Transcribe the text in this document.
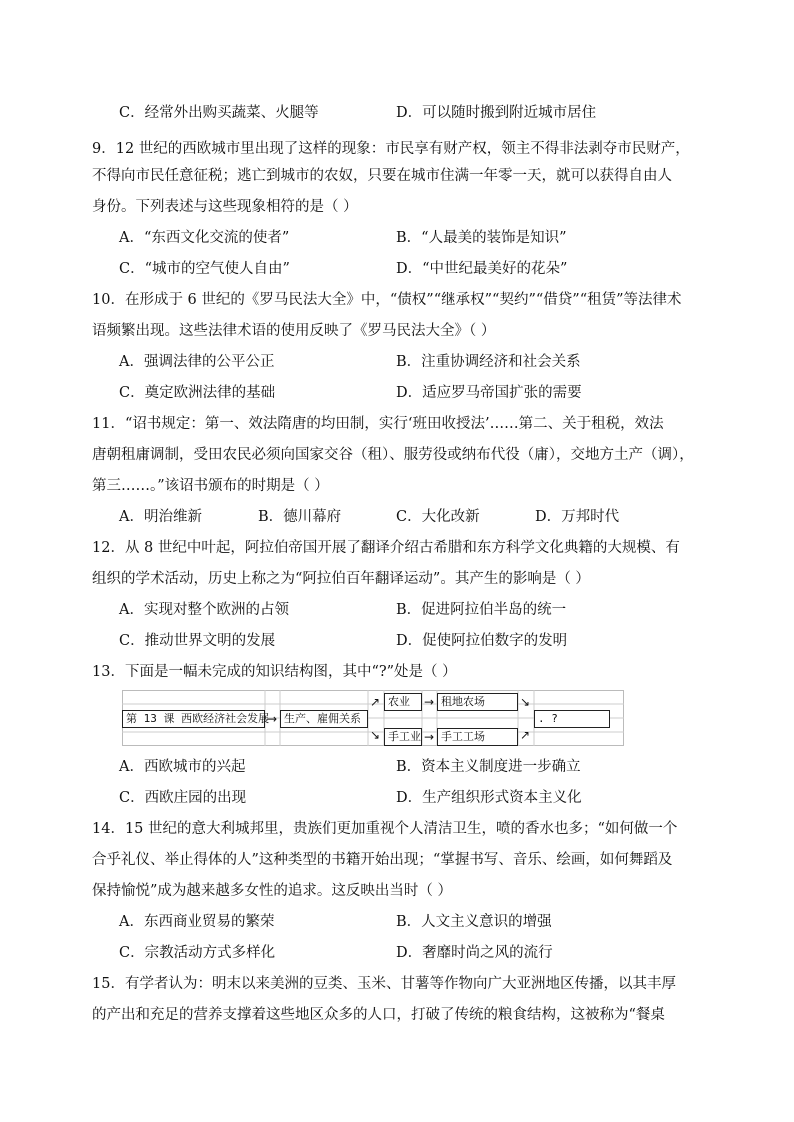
C．经常外出购买蔬菜、火腿等	D．可以随时搬到附近城市居住
9．12 世纪的西欧城市里出现了这样的现象：市民享有财产权，领主不得非法剥夺市民财产，
不得向市民任意征税；逃亡到城市的农奴，只要在城市住满一年零一天，就可以获得自由人
身份。下列表述与这些现象相符的是（ ）
A．“东西文化交流的使者”	B．“人最美的装饰是知识”
C．“城市的空气使人自由”	D．“中世纪最美好的花朵”
10．在形成于 6 世纪的《罗马民法大全》中，“债权”“继承权”“契约”“借贷”“租赁”等法律术
语频繁出现。这些法律术语的使用反映了《罗马民法大全》（ ）
A．强调法律的公平公正	B．注重协调经济和社会关系
C．奠定欧洲法律的基础	D．适应罗马帝国扩张的需要
11．“诏书规定：第一、效法隋唐的均田制，实行‘班田收授法’……第二、关于租税，效法
唐朝租庸调制，受田农民必须向国家交谷（租）、服劳役或纳布代役（庸），交地方土产（调），
第三……。”该诏书颁布的时期是（ ）
A．明治维新	B．德川幕府	C．大化改新	D．万邦时代
12．从 8 世纪中叶起，阿拉伯帝国开展了翻译介绍古希腊和东方科学文化典籍的大规模、有
组织的学术活动，历史上称之为“阿拉伯百年翻译运动”。其产生的影响是（ ）
A．实现对整个欧洲的占领	B．促进阿拉伯半岛的统一
C．推动世界文明的发展	D．促使阿拉伯数字的发明
13．下面是一幅未完成的知识结构图，其中“?”处是（ ）
第 13 课 西欧经济社会发展
→ 生产、雇佣关系
↗
↘
农业	→ 租地农场
手工业 → 手工工场
↘
↗
. ?
A．西欧城市的兴起	B．资本主义制度进一步确立
C．西欧庄园的出现	D．生产组织形式资本主义化
14．15 世纪的意大利城邦里，贵族们更加重视个人清洁卫生，喷的香水也多；“如何做一个
合乎礼仪、举止得体的人”这种类型的书籍开始出现；“掌握书写、音乐、绘画，如何舞蹈及
保持愉悦”成为越来越多女性的追求。这反映出当时（ ）
A．东西商业贸易的繁荣	B．人文主义意识的增强
C．宗教活动方式多样化	D．奢靡时尚之风的流行
15．有学者认为：明末以来美洲的豆类、玉米、甘薯等作物向广大亚洲地区传播，以其丰厚
的产出和充足的营养支撑着这些地区众多的人口，打破了传统的粮食结构，这被称为“餐桌
